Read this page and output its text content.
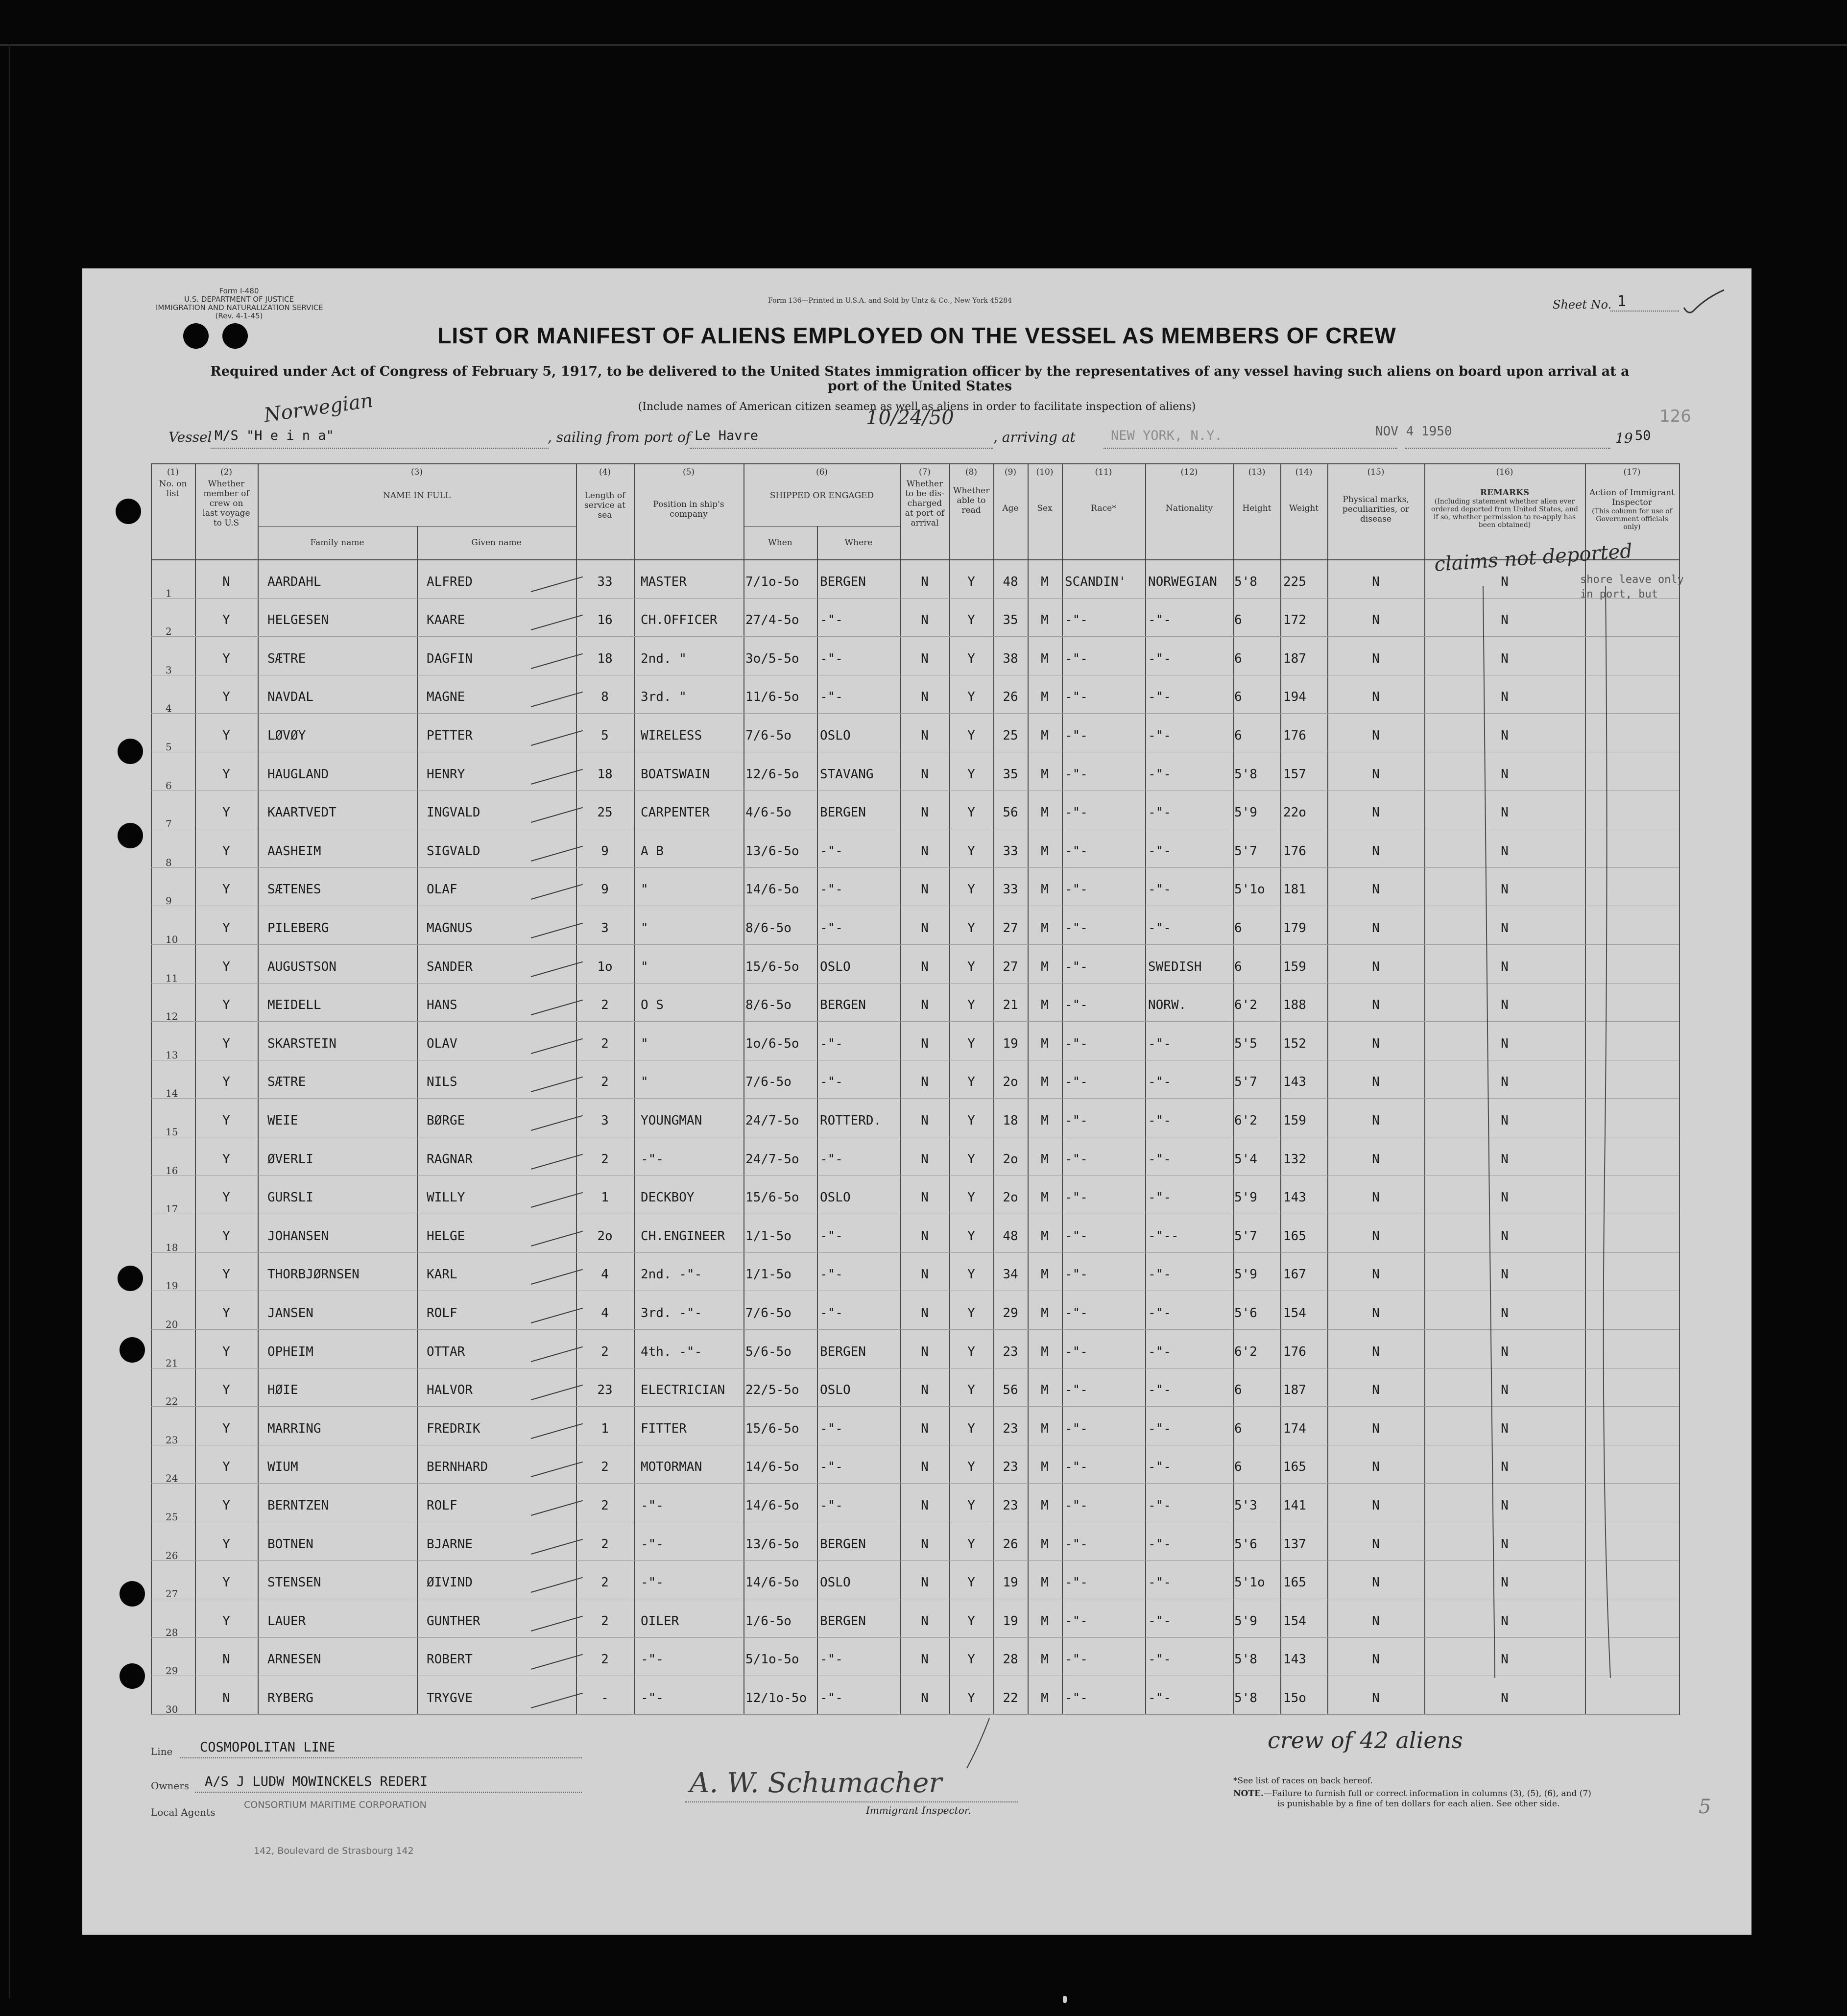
Form I-480
U.S. DEPARTMENT OF JUSTICE
IMMIGRATION AND NATURALIZATION SERVICE
(Rev. 4-1-45)
Form 136—Printed in U.S.A. and Sold by Untz & Co., New York 45284	Sheet No. 1
LIST OR MANIFEST OF ALIENS EMPLOYED ON THE VESSEL AS MEMBERS OF CREW
Required under Act of Congress of February 5, 1917, to be delivered to the United States immigration officer by the representatives of any vessel having such aliens on board upon arrival at a
port of the United States
(Include names of American citizen seamen as well as aliens in order to facilitate inspection of aliens)	126
Norwegian
Vessel M/S "H e i n a"	, sailing from port of Le Havre
10/24/50
, arriving at	NEW YORK, N.Y.	NOV 4 1950	19 50
(1)
No. on list
(2)
Whether member of crew on last voyage to U.S
(3)
NAME IN FULL
Family name	Given name
(4)
Length of service at sea
(5)
Position in ship's company
(6)
SHIPPED OR ENGAGED
When	Where
(7)
Whether to be dis-charged at port of arrival
(8)
Whether able to read
(9)
Age
(10)
Sex
(11)
Race*
(12)
Nationality
(13)
Height
(14)
Weight
(15)
Physical marks, peculiarities, or disease
(16)
REMARKS
(Including statement whether alien ever ordered deported from United States, and if so, whether permission to re-apply has been obtained)
(17)
Action of Immigrant Inspector
(This column for use of Government officials only)
1
N	AARDAHL	ALFRED	33	MASTER	7/1o-5o BERGEN	N	Y	48	M	SCANDIN' NORWEGIAN 5'8 225	N	N
2
Y	HELGESEN	KAARE	16	CH.OFFICER 27/4-5o -"-	N	Y	35	M	-"-	-"-	6	172	N	N
3
Y	SÆTRE	DAGFIN	18	2nd. "	3o/5-5o -"-	N	Y	38	M	-"-	-"-	6	187	N	N
4
Y	NAVDAL	MAGNE	8	3rd. "	11/6-5o -"-	N	Y	26	M	-"-	-"-	6	194	N	N
5
Y	LØVØY	PETTER	5	WIRELESS	7/6-5o OSLO	N	Y	25	M	-"-	-"-	6	176	N	N
6
Y	HAUGLAND	HENRY	18	BOATSWAIN	12/6-5o STAVANG	N	Y	35	M	-"-	-"-	5'8 157	N	N
7
Y	KAARTVEDT	INGVALD	25	CARPENTER	4/6-5o BERGEN	N	Y	56	M	-"-	-"-	5'9 22o	N	N
8
Y	AASHEIM	SIGVALD	9	A B	13/6-5o -"-	N	Y	33	M	-"-	-"-	5'7 176	N	N
9
Y	SÆTENES	OLAF	9	"	14/6-5o -"-	N	Y	33	M	-"-	-"-	5'1o 181	N	N
10
Y	PILEBERG	MAGNUS	3	"	8/6-5o -"-	N	Y	27	M	-"-	-"-	6	179	N	N
11
Y	AUGUSTSON	SANDER	1o	"	15/6-5o OSLO	N	Y	27	M	-"-	SWEDISH	6	159	N	N
12
Y	MEIDELL	HANS	2	O S	8/6-5o BERGEN	N	Y	21	M	-"-	NORW.	6'2 188	N	N
13
Y	SKARSTEIN	OLAV	2	"	1o/6-5o -"-	N	Y	19	M	-"-	-"-	5'5 152	N	N
14
Y	SÆTRE	NILS	2	"	7/6-5o -"-	N	Y	2o	M	-"-	-"-	5'7 143	N	N
15
Y	WEIE	BØRGE	3	YOUNGMAN	24/7-5o ROTTERD.	N	Y	18	M	-"-	-"-	6'2 159	N	N
16
Y	ØVERLI	RAGNAR	2	-"-	24/7-5o -"-	N	Y	2o	M	-"-	-"-	5'4 132	N	N
17
Y	GURSLI	WILLY	1	DECKBOY	15/6-5o OSLO	N	Y	2o	M	-"-	-"-	5'9 143	N	N
18
Y	JOHANSEN	HELGE	2o	CH.ENGINEER 1/1-5o -"-	N	Y	48	M	-"-	-"--	5'7 165	N	N
19
Y	THORBJØRNSEN	KARL	4	2nd. -"-	1/1-5o -"-	N	Y	34	M	-"-	-"-	5'9 167	N	N
20
Y	JANSEN	ROLF	4	3rd. -"-	7/6-5o -"-	N	Y	29	M	-"-	-"-	5'6 154	N	N
21
Y	OPHEIM	OTTAR	2	4th. -"-	5/6-5o BERGEN	N	Y	23	M	-"-	-"-	6'2 176	N	N
22
Y	HØIE	HALVOR	23	ELECTRICIAN 22/5-5o OSLO	N	Y	56	M	-"-	-"-	6	187	N	N
23
Y	MARRING	FREDRIK	1	FITTER	15/6-5o -"-	N	Y	23	M	-"-	-"-	6	174	N	N
24
Y	WIUM	BERNHARD	2	MOTORMAN	14/6-5o -"-	N	Y	23	M	-"-	-"-	6	165	N	N
25
Y	BERNTZEN	ROLF	2	-"-	14/6-5o -"-	N	Y	23	M	-"-	-"-	5'3 141	N	N
26
Y	BOTNEN	BJARNE	2	-"-	13/6-5o BERGEN	N	Y	26	M	-"-	-"-	5'6 137	N	N
27
Y	STENSEN	ØIVIND	2	-"-	14/6-5o OSLO	N	Y	19	M	-"-	-"-	5'1o 165	N	N
28
Y	LAUER	GUNTHER	2	OILER	1/6-5o BERGEN	N	Y	19	M	-"-	-"-	5'9 154	N	N
29
N	ARNESEN	ROBERT	2	-"-	5/1o-5o -"-	N	Y	28	M	-"-	-"-	5'8 143	N	N
30
N	RYBERG	TRYGVE	-	-"-	12/1o-5o -"-	N	Y	22	M	-"-	-"-	5'8 15o	N	N
claims not deported
shore leave only
in port, but
Line COSMOPOLITAN LINE
Owners A/S J LUDW MOWINCKELS REDERI
Local Agents
CONSORTIUM MARITIME CORPORATION
142, Boulevard de Strasbourg 142
A. W. Schumacher
Immigrant Inspector.
crew of 42 aliens
*See list of races on back hereof.
NOTE.—Failure to furnish full or correct information in columns (3), (5), (6), and (7)
is punishable by a fine of ten dollars for each alien. See other side.	5
